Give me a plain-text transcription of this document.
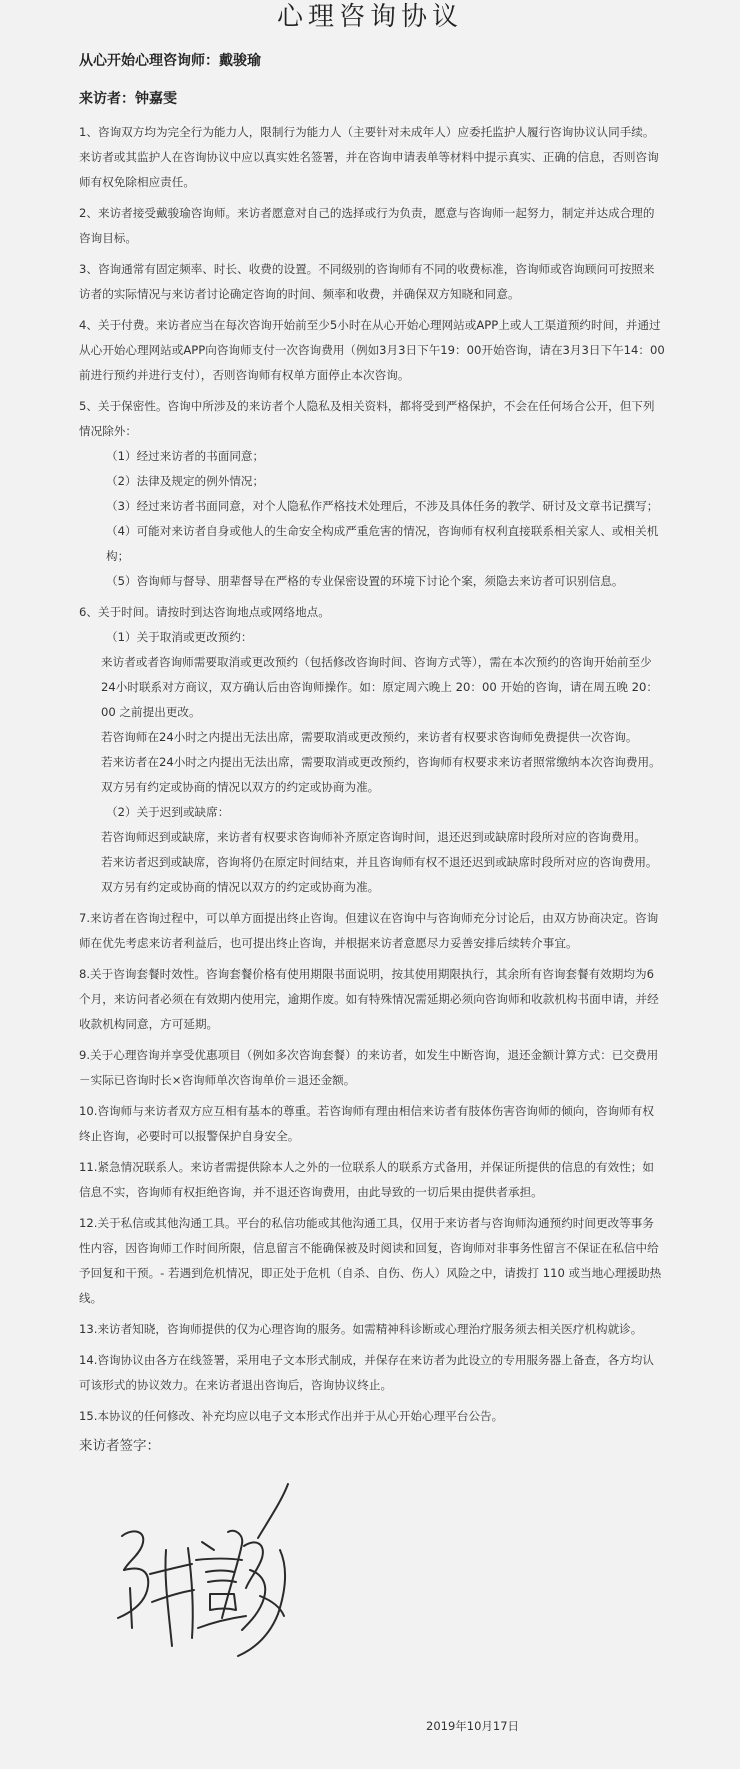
心理咨询协议
从心开始心理咨询师：戴骏瑜
来访者：钟嘉雯

1、咨询双方均为完全行为能力人，限制行为能力人（主要针对未成年人）应委托监护人履行咨询协议认同手续。来访者或其监护人在咨询协议中应以真实姓名签署，并在咨询申请表单等材料中提示真实、正确的信息，否则咨询师有权免除相应责任。

2、来访者接受戴骏瑜咨询师。来访者愿意对自己的选择或行为负责，愿意与咨询师一起努力，制定并达成合理的咨询目标。

3、咨询通常有固定频率、时长、收费的设置。不同级别的咨询师有不同的收费标准，咨询师或咨询顾问可按照来访者的实际情况与来访者讨论确定咨询的时间、频率和收费，并确保双方知晓和同意。

4、关于付费。来访者应当在每次咨询开始前至少5小时在从心开始心理网站或APP上或人工渠道预约时间，并通过从心开始心理网站或APP向咨询师支付一次咨询费用（例如3月3日下午19：00开始咨询，请在3月3日下午14：00前进行预约并进行支付），否则咨询师有权单方面停止本次咨询。

5、关于保密性。咨询中所涉及的来访者个人隐私及相关资料，都将受到严格保护，不会在任何场合公开，但下列情况除外：
（1）经过来访者的书面同意；
（2）法律及规定的例外情况；
（3）经过来访者书面同意，对个人隐私作严格技术处理后，不涉及具体任务的教学、研讨及文章书记撰写；
（4）可能对来访者自身或他人的生命安全构成严重危害的情况，咨询师有权利直接联系相关家人、或相关机构；
（5）咨询师与督导、朋辈督导在严格的专业保密设置的环境下讨论个案，须隐去来访者可识别信息。
6、关于时间。请按时到达咨询地点或网络地点。
（1）关于取消或更改预约：
来访者或者咨询师需要取消或更改预约（包括修改咨询时间、咨询方式等），需在本次预约的咨询开始前至少24小时联系对方商议，双方确认后由咨询师操作。如：原定周六晚上 20：00 开始的咨询，请在周五晚 20：00 之前提出更改。
若咨询师在24小时之内提出无法出席，需要取消或更改预约，来访者有权要求咨询师免费提供一次咨询。
若来访者在24小时之内提出无法出席，需要取消或更改预约，咨询师有权要求来访者照常缴纳本次咨询费用。
双方另有约定或协商的情况以双方的约定或协商为准。
（2）关于迟到或缺席：
若咨询师迟到或缺席，来访者有权要求咨询师补齐原定咨询时间，退还迟到或缺席时段所对应的咨询费用。
若来访者迟到或缺席，咨询将仍在原定时间结束，并且咨询师有权不退还迟到或缺席时段所对应的咨询费用。
双方另有约定或协商的情况以双方的约定或协商为准。

7.来访者在咨询过程中，可以单方面提出终止咨询。但建议在咨询中与咨询师充分讨论后，由双方协商决定。咨询师在优先考虑来访者利益后，也可提出终止咨询，并根据来访者意愿尽力妥善安排后续转介事宜。

8.关于咨询套餐时效性。咨询套餐价格有使用期限书面说明，按其使用期限执行，其余所有咨询套餐有效期均为6个月，来访问者必须在有效期内使用完，逾期作废。如有特殊情况需延期必须向咨询师和收款机构书面申请，并经收款机构同意，方可延期。

9.关于心理咨询并享受优惠项目（例如多次咨询套餐）的来访者，如发生中断咨询，退还金额计算方式：已交费用－实际已咨询时长×咨询师单次咨询单价＝退还金额。

10.咨询师与来访者双方应互相有基本的尊重。若咨询师有理由相信来访者有肢体伤害咨询师的倾向，咨询师有权终止咨询，必要时可以报警保护自身安全。

11.紧急情况联系人。来访者需提供除本人之外的一位联系人的联系方式备用，并保证所提供的信息的有效性；如信息不实，咨询师有权拒绝咨询，并不退还咨询费用，由此导致的一切后果由提供者承担。

12.关于私信或其他沟通工具。平台的私信功能或其他沟通工具，仅用于来访者与咨询师沟通预约时间更改等事务性内容，因咨询师工作时间所限，信息留言不能确保被及时阅读和回复，咨询师对非事务性留言不保证在私信中给予回复和干预。- 若遇到危机情况，即正处于危机（自杀、自伤、伤人）风险之中，请拨打 110 或当地心理援助热线。

13.来访者知晓，咨询师提供的仅为心理咨询的服务。如需精神科诊断或心理治疗服务须去相关医疗机构就诊。

14.咨询协议由各方在线签署，采用电子文本形式制成，并保存在来访者为此设立的专用服务器上备查，各方均认可该形式的协议效力。在来访者退出咨询后，咨询协议终止。

15.本协议的任何修改、补充均应以电子文本形式作出并于从心开始心理平台公告。

来访者签字：
2019年10月17日
